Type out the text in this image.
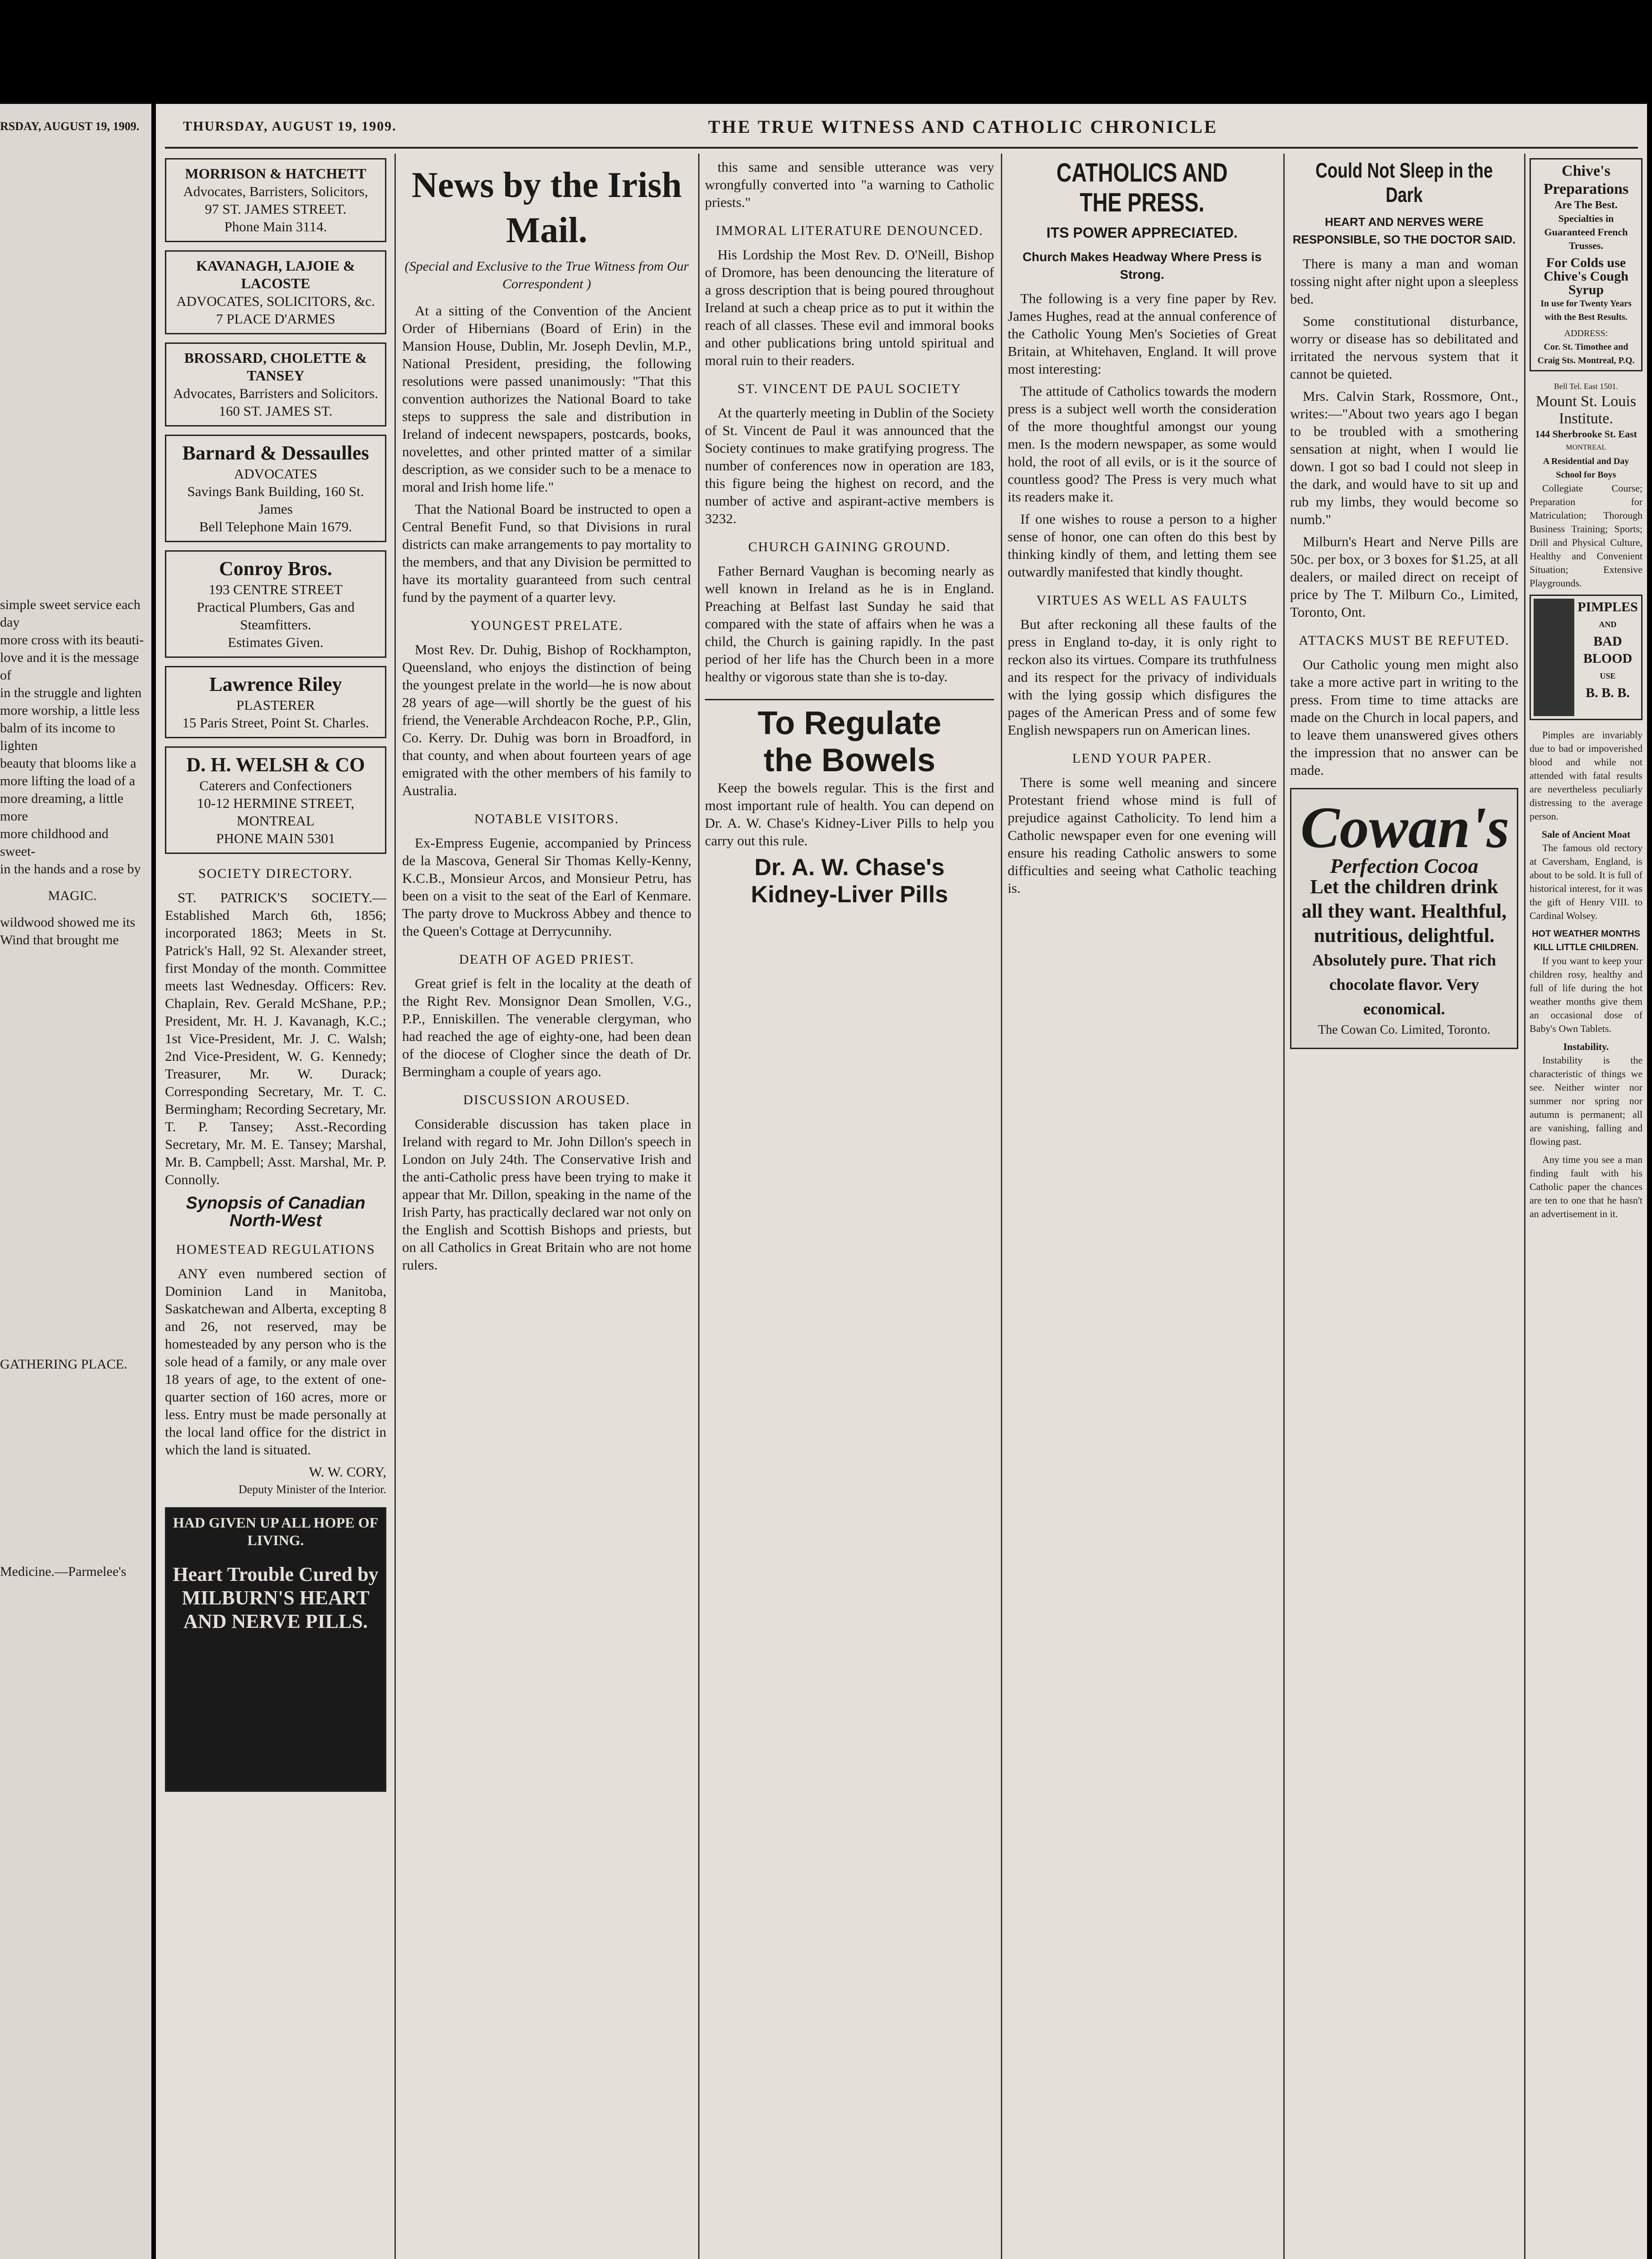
RSDAY, AUGUST 19, 1909.
simple sweet service each day
more cross with its beauti-
love and it is the message of
in the struggle and lighten
more worship, a little less
balm of its income to lighten
beauty that blooms like a
more lifting the load of a
more dreaming, a little more
more childhood and sweet-
in the hands and a rose by
MAGIC.
wildwood showed me its
Wind that brought me
GATHERING PLACE.
Medicine.—Parmelee's
THURSDAY, AUGUST 19, 1909.	THE TRUE WITNESS AND CATHOLIC CHRONICLE
MORRISON & HATCHETT
Advocates, Barristers, Solicitors,
97 ST. JAMES STREET.
Phone Main 3114.
KAVANAGH, LAJOIE & LACOSTE
ADVOCATES, SOLICITORS, &c.
7 PLACE D'ARMES
BROSSARD, CHOLETTE & TANSEY
Advocates, Barristers and Solicitors.
160 ST. JAMES ST.
Barnard & Dessaulles
ADVOCATES
Savings Bank Building, 160 St. James
Bell Telephone Main 1679.
Conroy Bros.
193 CENTRE STREET
Practical Plumbers, Gas and Steamfitters.
Estimates Given.
Lawrence Riley
PLASTERER
15 Paris Street, Point St. Charles.
D. H. WELSH & CO
Caterers and Confectioners
10-12 HERMINE STREET, MONTREAL
PHONE MAIN 5301
SOCIETY DIRECTORY.

ST. PATRICK'S SOCIETY.—Established March 6th, 1856; incorporated 1863; Meets in St. Patrick's Hall, 92 St. Alexander street, first Monday of the month. Committee meets last Wednesday. Officers: Rev. Chaplain, Rev. Gerald McShane, P.P.; President, Mr. H. J. Kavanagh, K.C.; 1st Vice-President, Mr. J. C. Walsh; 2nd Vice-President, W. G. Kennedy; Treasurer, Mr. W. Durack; Corresponding Secretary, Mr. T. C. Bermingham; Recording Secretary, Mr. T. P. Tansey; Asst.-Recording Secretary, Mr. M. E. Tansey; Marshal, Mr. B. Campbell; Asst. Marshal, Mr. P. Connolly.

Synopsis of Canadian North-West
HOMESTEAD REGULATIONS

ANY even numbered section of Dominion Land in Manitoba, Saskatchewan and Alberta, excepting 8 and 26, not reserved, may be homesteaded by any person who is the sole head of a family, or any male over 18 years of age, to the extent of one-quarter section of 160 acres, more or less. Entry must be made personally at the local land office for the district in which the land is situated.

W. W. CORY,
Deputy Minister of the Interior.
HAD GIVEN UP ALL HOPE OF LIVING.
Heart Trouble Cured by MILBURN'S HEART AND NERVE PILLS.
News by the Irish Mail.
(Special and Exclusive to the True Witness from Our Correspondent )

At a sitting of the Convention of the Ancient Order of Hibernians (Board of Erin) in the Mansion House, Dublin, Mr. Joseph Devlin, M.P., National President, presiding, the following resolutions were passed unanimously: "That this convention authorizes the National Board to take steps to suppress the sale and distribution in Ireland of indecent newspapers, postcards, books, novelettes, and other printed matter of a similar description, as we consider such to be a menace to moral and Irish home life."

That the National Board be instructed to open a Central Benefit Fund, so that Divisions in rural districts can make arrangements to pay mortality to the members, and that any Division be permitted to have its mortality guaranteed from such central fund by the payment of a quarter levy.

YOUNGEST PRELATE.

Most Rev. Dr. Duhig, Bishop of Rockhampton, Queensland, who enjoys the distinction of being the youngest prelate in the world—he is now about 28 years of age—will shortly be the guest of his friend, the Venerable Archdeacon Roche, P.P., Glin, Co. Kerry. Dr. Duhig was born in Broadford, in that county, and when about fourteen years of age emigrated with the other members of his family to Australia.

NOTABLE VISITORS.

Ex-Empress Eugenie, accompanied by Princess de la Mascova, General Sir Thomas Kelly-Kenny, K.C.B., Monsieur Arcos, and Monsieur Petru, has been on a visit to the seat of the Earl of Kenmare. The party drove to Muckross Abbey and thence to the Queen's Cottage at Derrycunnihy.

DEATH OF AGED PRIEST.

Great grief is felt in the locality at the death of the Right Rev. Monsignor Dean Smollen, V.G., P.P., Enniskillen. The venerable clergyman, who had reached the age of eighty-one, had been dean of the diocese of Clogher since the death of Dr. Bermingham a couple of years ago.

DISCUSSION AROUSED.

Considerable discussion has taken place in Ireland with regard to Mr. John Dillon's speech in London on July 24th. The Conservative Irish and the anti-Catholic press have been trying to make it appear that Mr. Dillon, speaking in the name of the Irish Party, has practically declared war not only on the English and Scottish Bishops and priests, but on all Catholics in Great Britain who are not home rulers.

this same and sensible utterance was very wrongfully converted into "a warning to Catholic priests."

IMMORAL LITERATURE DENOUNCED.

His Lordship the Most Rev. D. O'Neill, Bishop of Dromore, has been denouncing the literature of a gross description that is being poured throughout Ireland at such a cheap price as to put it within the reach of all classes. These evil and immoral books and other publications bring untold spiritual and moral ruin to their readers.

ST. VINCENT DE PAUL SOCIETY

At the quarterly meeting in Dublin of the Society of St. Vincent de Paul it was announced that the Society continues to make gratifying progress. The number of conferences now in operation are 183, this figure being the highest on record, and the number of active and aspirant-active members is 3232.

CHURCH GAINING GROUND.

Father Bernard Vaughan is becoming nearly as well known in Ireland as he is in England. Preaching at Belfast last Sunday he said that compared with the state of affairs when he was a child, the Church is gaining rapidly. In the past period of her life has the Church been in a more healthy or vigorous state than she is to-day.

To Regulate
the Bowels

Keep the bowels regular. This is the first and most important rule of health. You can depend on Dr. A. W. Chase's Kidney-Liver Pills to help you carry out this rule.

Dr. A. W. Chase's
Kidney-Liver Pills
CATHOLICS AND
THE PRESS.
ITS POWER APPRECIATED.
Church Makes Headway Where Press is Strong.

The following is a very fine paper by Rev. James Hughes, read at the annual conference of the Catholic Young Men's Societies of Great Britain, at Whitehaven, England. It will prove most interesting:

The attitude of Catholics towards the modern press is a subject well worth the consideration of the more thoughtful amongst our young men. Is the modern newspaper, as some would hold, the root of all evils, or is it the source of countless good? The Press is very much what its readers make it.

If one wishes to rouse a person to a higher sense of honor, one can often do this best by thinking kindly of them, and letting them see outwardly manifested that kindly thought.

VIRTUES AS WELL AS FAULTS

But after reckoning all these faults of the press in England to-day, it is only right to reckon also its virtues. Compare its truthfulness and its respect for the privacy of individuals with the lying gossip which disfigures the pages of the American Press and of some few English newspapers run on American lines.

LEND YOUR PAPER.

There is some well meaning and sincere Protestant friend whose mind is full of prejudice against Catholicity. To lend him a Catholic newspaper even for one evening will ensure his reading Catholic answers to some difficulties and seeing what Catholic teaching is.

Could Not Sleep in the Dark
HEART AND NERVES WERE RESPONSIBLE, SO THE DOCTOR SAID.

There is many a man and woman tossing night after night upon a sleepless bed.

Some constitutional disturbance, worry or disease has so debilitated and irritated the nervous system that it cannot be quieted.

Mrs. Calvin Stark, Rossmore, Ont., writes:—"About two years ago I began to be troubled with a smothering sensation at night, when I would lie down. I got so bad I could not sleep in the dark, and would have to sit up and rub my limbs, they would become so numb."

Milburn's Heart and Nerve Pills are 50c. per box, or 3 boxes for $1.25, at all dealers, or mailed direct on receipt of price by The T. Milburn Co., Limited, Toronto, Ont.

ATTACKS MUST BE REFUTED.

Our Catholic young men might also take a more active part in writing to the press. From time to time attacks are made on the Church in local papers, and to leave them unanswered gives others the impression that no answer can be made.

Cowan's
Perfection Cocoa
Let the children drink all they want. Healthful, nutritious, delightful.
Absolutely pure. That rich chocolate flavor. Very economical.
The Cowan Co. Limited, Toronto.
Chive's Preparations
Are The Best.
Specialties in Guaranteed French Trusses.
For Colds use
Chive's Cough Syrup
In use for Twenty Years with the Best Results.
ADDRESS:
Cor. St. Timothee and Craig Sts. Montreal, P.Q.
Bell Tel. East 1501.
Mount St. Louis Institute.
144 Sherbrooke St. East
MONTREAL
A Residential and Day School for Boys

Collegiate Course; Preparation for Matriculation; Thorough Business Training; Sports; Drill and Physical Culture, Healthy and Convenient Situation; Extensive Playgrounds.

PIMPLES
AND
BAD
BLOOD
USE
B. B. B.

Pimples are invariably due to bad or impoverished blood and while not attended with fatal results are nevertheless peculiarly distressing to the average person.

Sale of Ancient Moat

The famous old rectory at Caversham, England, is about to be sold. It is full of historical interest, for it was the gift of Henry VIII. to Cardinal Wolsey.

HOT WEATHER MONTHS
KILL LITTLE CHILDREN.

If you want to keep your children rosy, healthy and full of life during the hot weather months give them an occasional dose of Baby's Own Tablets.

Instability.

Instability is the characteristic of things we see. Neither winter nor summer nor spring nor autumn is permanent; all are vanishing, falling and flowing past.

Any time you see a man finding fault with his Catholic paper the chances are ten to one that he hasn't an advertisement in it.
